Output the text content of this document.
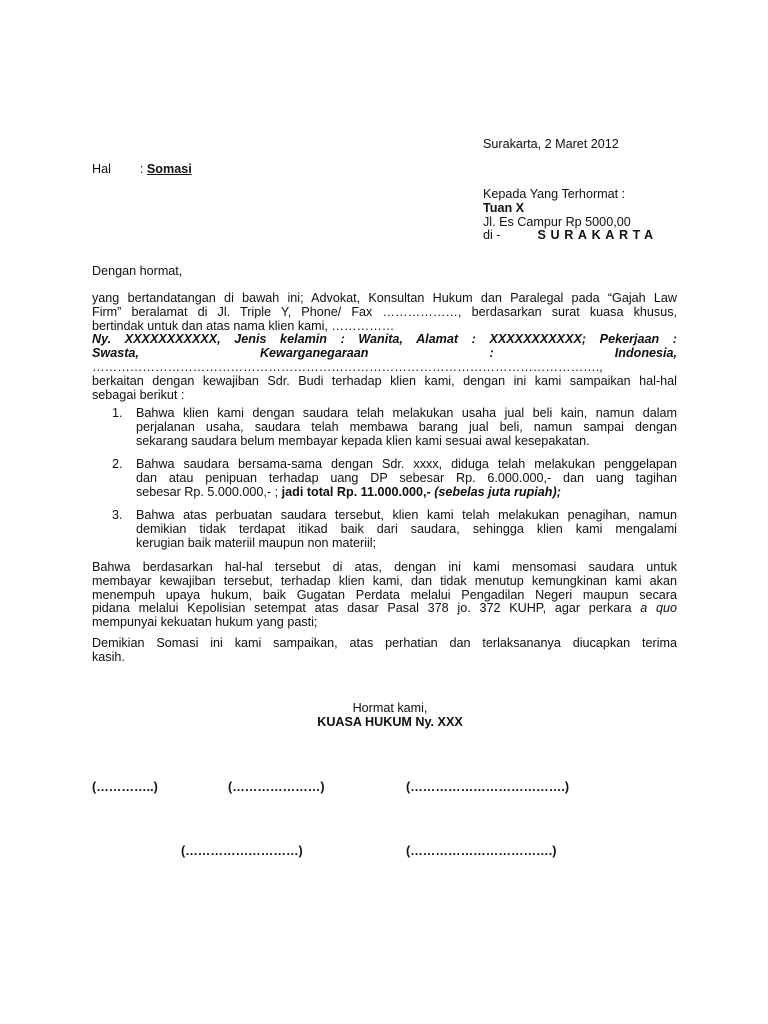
Surakarta, 2 Maret 2012
Hal : Somasi
Kepada Yang Terhormat :
Tuan X
Jl. Es Campur Rp 5000,00
di -	SURAKARTA
Dengan hormat,
yang bertandatangan di bawah ini; Advokat, Konsultan Hukum dan Paralegal pada “Gajah Law
Firm” beralamat di Jl. Triple Y, Phone/ Fax ………………, berdasarkan surat kuasa khusus,
bertindak untuk dan atas nama klien kami, ……………
Ny. XXXXXXXXXXX, Jenis kelamin : Wanita, Alamat : XXXXXXXXXXX; Pekerjaan :
Swasta,	Kewarganegaraan	:	Indonesia,
………………………………………………………………………………………………………….,
berkaitan dengan kewajiban Sdr. Budi terhadap klien kami, dengan ini kami sampaikan hal-hal
sebagai berikut :
1. Bahwa klien kami dengan saudara telah melakukan usaha jual beli kain, namun dalam
perjalanan usaha, saudara telah membawa barang jual beli, namun sampai dengan
sekarang saudara belum membayar kepada klien kami sesuai awal kesepakatan.
2. Bahwa saudara bersama-sama dengan Sdr. xxxx, diduga telah melakukan penggelapan
dan atau penipuan terhadap uang DP sebesar Rp. 6.000.000,- dan uang tagihan
sebesar Rp. 5.000.000,- ; jadi total Rp. 11.000.000,- (sebelas juta rupiah);
3. Bahwa atas perbuatan saudara tersebut, klien kami telah melakukan penagihan, namun
demikian tidak terdapat itikad baik dari saudara, sehingga klien kami mengalami
kerugian baik materiil maupun non materiil;
Bahwa berdasarkan hal-hal tersebut di atas, dengan ini kami mensomasi saudara untuk
membayar kewajiban tersebut, terhadap klien kami, dan tidak menutup kemungkinan kami akan
menempuh upaya hukum, baik Gugatan Perdata melalui Pengadilan Negeri maupun secara
pidana melalui Kepolisian setempat atas dasar Pasal 378 jo. 372 KUHP, agar perkara a quo
mempunyai kekuatan hukum yang pasti;
Demikian Somasi ini kami sampaikan, atas perhatian dan terlaksananya diucapkan terima
kasih.
Hormat kami,
KUASA HUKUM Ny. XXX
(…………..)	(…………………)	(……………………………….)
(………………………)	(…………………………….)
